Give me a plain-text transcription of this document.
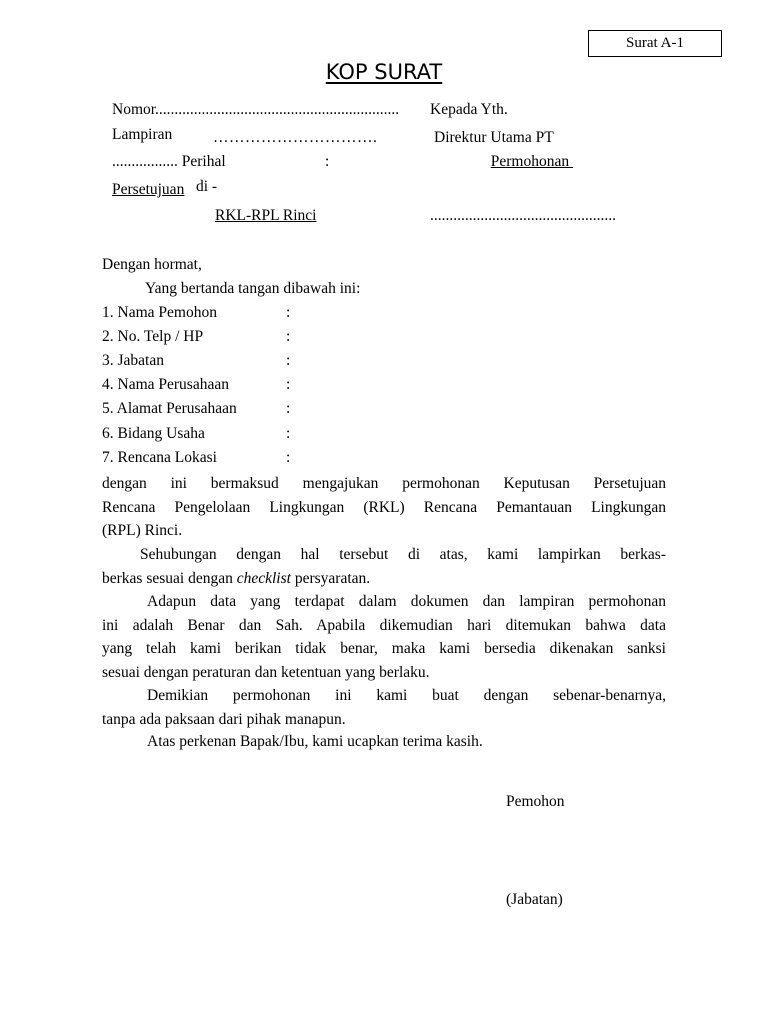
Surat A-1
KOP SURAT
Nomor............................................................... Kepada Yth.
Lampiran	………………………….	Direktur Utama PT
................. Perihal	:	Permohonan
Persetujuan di -
RKL-RPL Rinci	................................................
Dengan hormat,
Yang bertanda tangan dibawah ini:
1. Nama Pemohon	:
2. No. Telp / HP	:
3. Jabatan	:
4. Nama Perusahaan	:
5. Alamat Perusahaan	:
6. Bidang Usaha	:
7. Rencana Lokasi	:
dengan ini bermaksud mengajukan permohonan Keputusan Persetujuan
Rencana Pengelolaan Lingkungan (RKL) Rencana Pemantauan Lingkungan
(RPL) Rinci.
Sehubungan dengan hal tersebut di atas, kami lampirkan berkas-
berkas sesuai dengan checklist persyaratan.
Adapun data yang terdapat dalam dokumen dan lampiran permohonan
ini adalah Benar dan Sah. Apabila dikemudian hari ditemukan bahwa data
yang telah kami berikan tidak benar, maka kami bersedia dikenakan sanksi
sesuai dengan peraturan dan ketentuan yang berlaku.
Demikian permohonan ini kami buat dengan sebenar-benarnya,
tanpa ada paksaan dari pihak manapun.
Atas perkenan Bapak/Ibu, kami ucapkan terima kasih.
Pemohon
(Jabatan)
